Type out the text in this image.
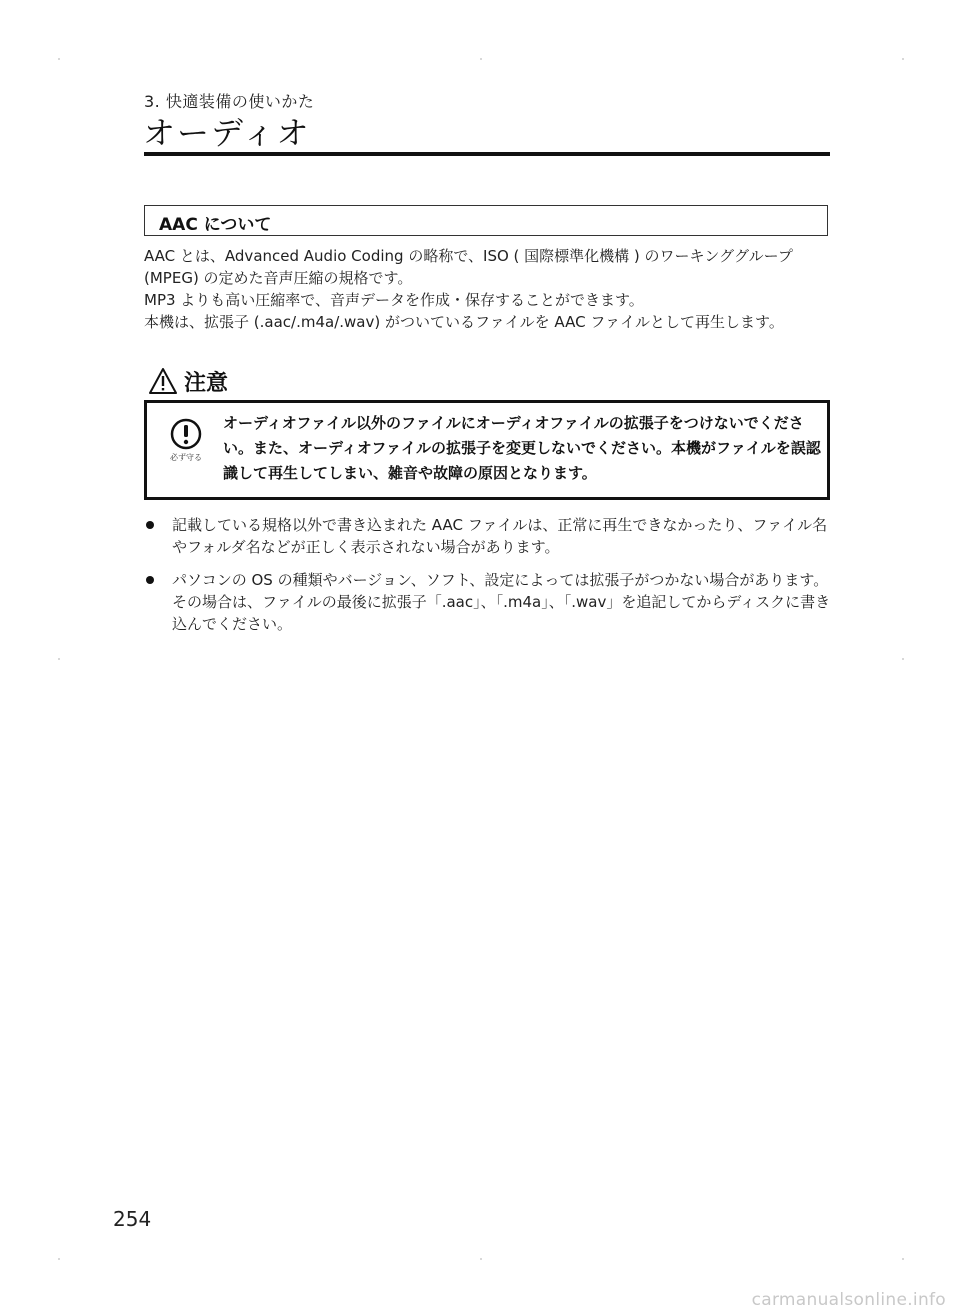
3. 快適装備の使いかた
オーディオ
AAC について

AAC とは、Advanced Audio Coding の略称で、ISO ( 国際標準化機構 ) のワーキンググループ (MPEG) の定めた音声圧縮の規格です。

MP3 よりも高い圧縮率で、音声データを作成・保存することができます。

本機は、拡張子 (.aac/.m4a/.wav) がついているファイルを AAC ファイルとして再生します。

注意
必ず守る
オーディオファイル以外のファイルにオーディオファイルの拡張子をつけないでください。また、オーディオファイルの拡張子を変更しないでください。本機がファイルを誤認識して再生してしまい、雑音や故障の原因となります。
記載している規格以外で書き込まれた AAC ファイルは、正常に再生できなかったり、ファイル名やフォルダ名などが正しく表示されない場合があります。
パソコンの OS の種類やバージョン、ソフト、設定によっては拡張子がつかない場合があります。その場合は、ファイルの最後に拡張子「.aac」、「.m4a」、「.wav」を追記してからディスクに書き込んでください。
254
carmanualsonline.info
